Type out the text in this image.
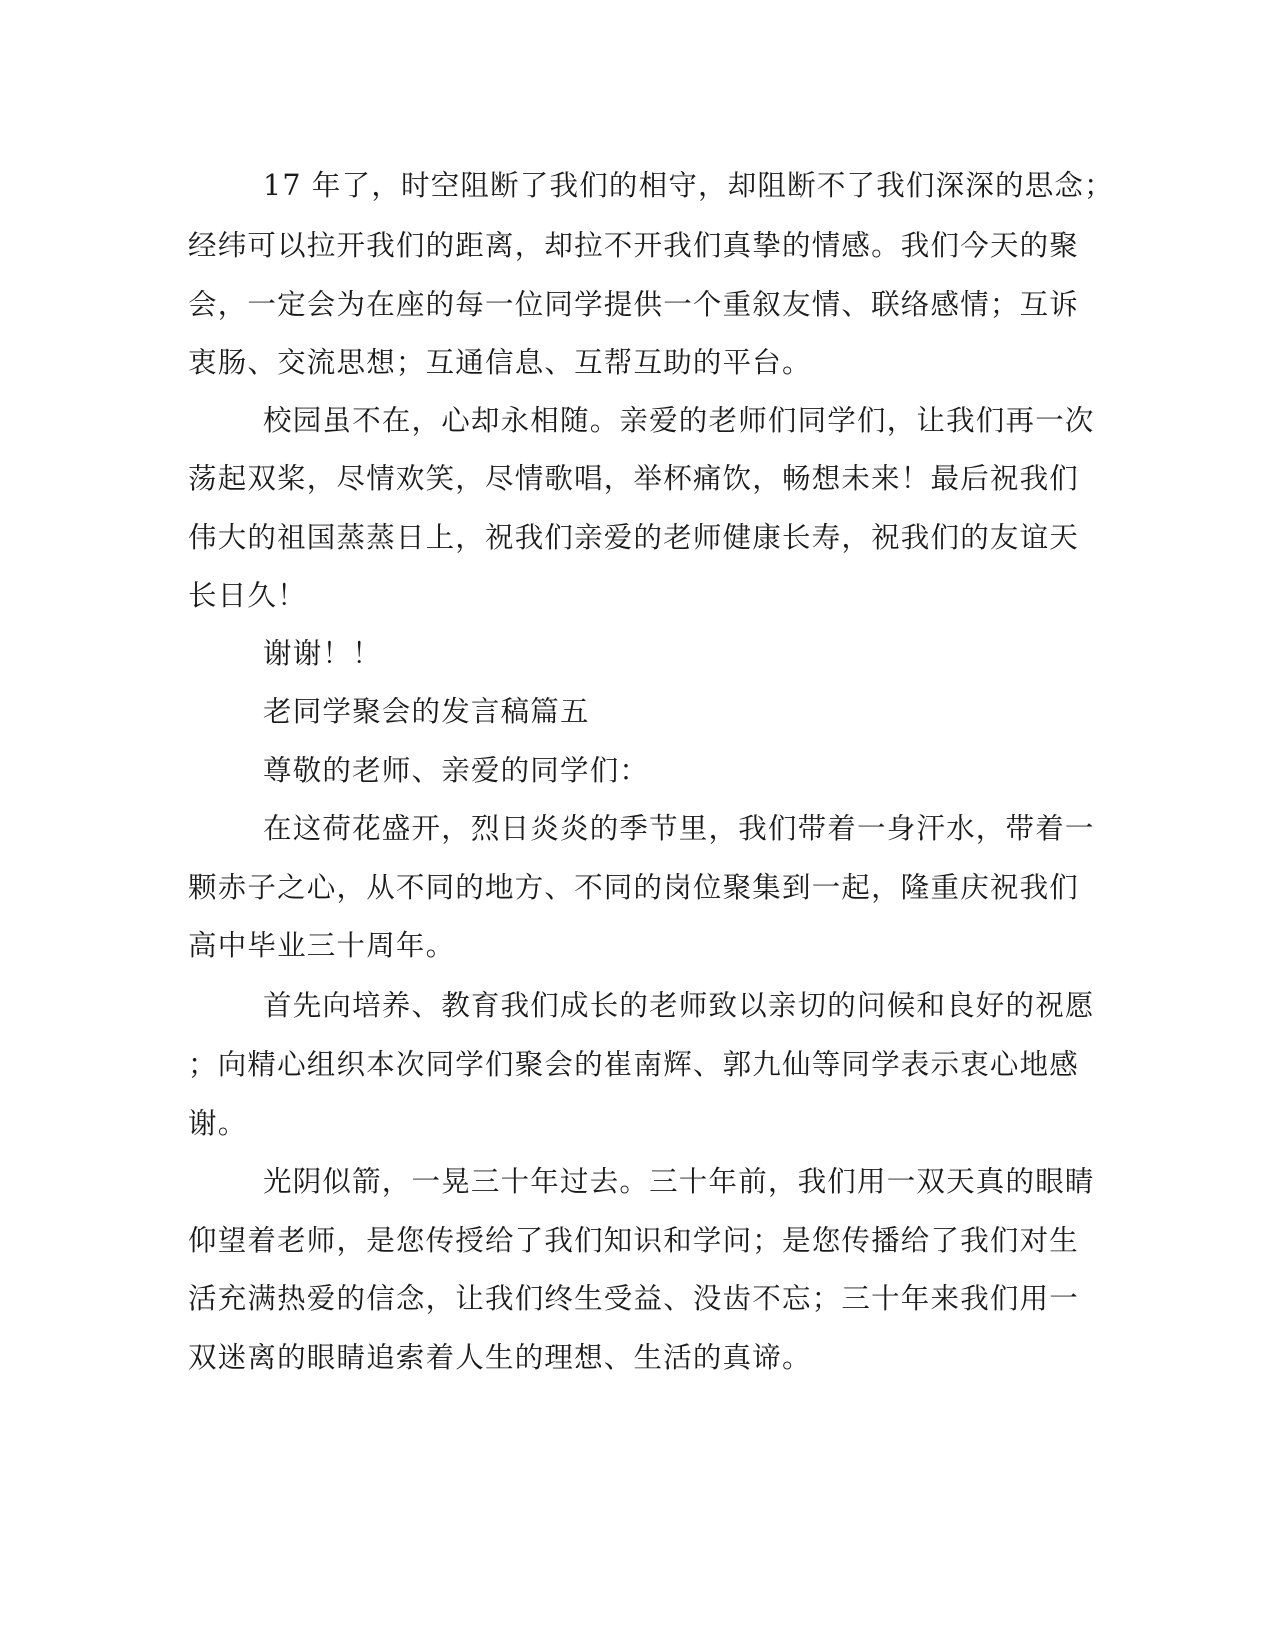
17 年了，时空阻断了我们的相守，却阻断不了我们深深的思念；
经纬可以拉开我们的距离，却拉不开我们真挚的情感。我们今天的聚
会，一定会为在座的每一位同学提供一个重叙友情、联络感情；互诉
衷肠、交流思想；互通信息、互帮互助的平台。
校园虽不在，心却永相随。亲爱的老师们同学们，让我们再一次
荡起双桨，尽情欢笑，尽情歌唱，举杯痛饮，畅想未来！最后祝我们
伟大的祖国蒸蒸日上，祝我们亲爱的老师健康长寿，祝我们的友谊天
长日久！
谢谢！！
老同学聚会的发言稿篇五
尊敬的老师、亲爱的同学们：
在这荷花盛开，烈日炎炎的季节里，我们带着一身汗水，带着一
颗赤子之心，从不同的地方、不同的岗位聚集到一起，隆重庆祝我们
高中毕业三十周年。
首先向培养、教育我们成长的老师致以亲切的问候和良好的祝愿
；向精心组织本次同学们聚会的崔南辉、郭九仙等同学表示衷心地感
谢。
光阴似箭，一晃三十年过去。三十年前，我们用一双天真的眼睛
仰望着老师，是您传授给了我们知识和学问；是您传播给了我们对生
活充满热爱的信念，让我们终生受益、没齿不忘；三十年来我们用一
双迷离的眼睛追索着人生的理想、生活的真谛。
